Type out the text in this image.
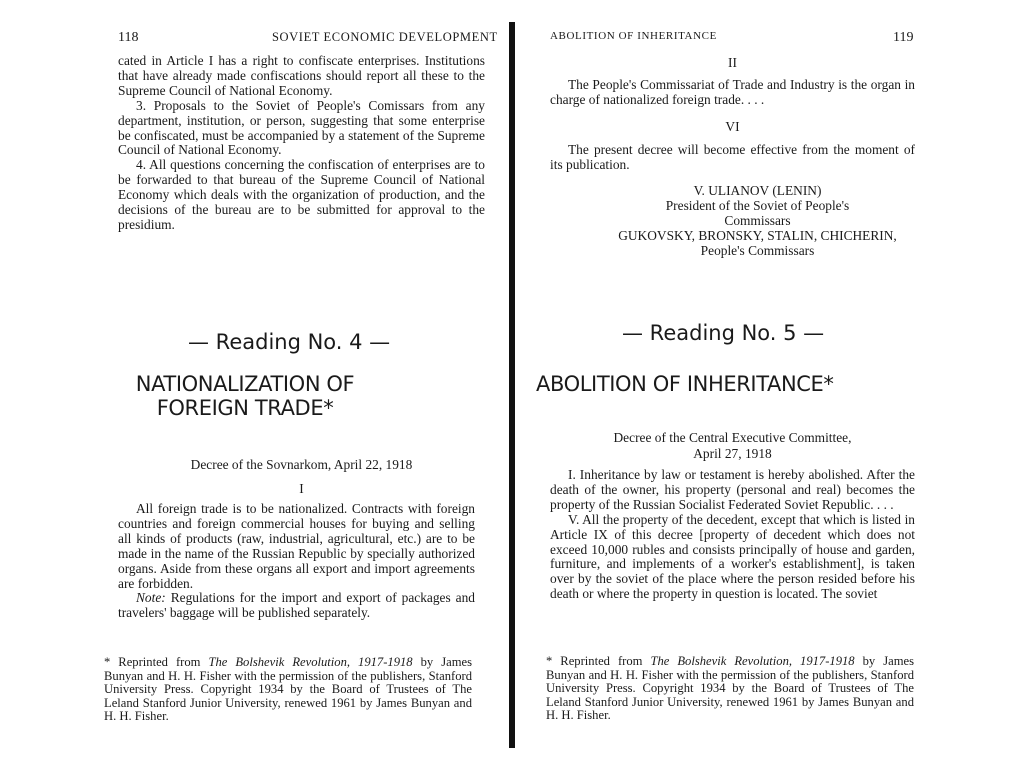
118	SOVIET ECONOMIC DEVELOPMENT

cated in Article I has a right to confiscate enterprises. Institutions that have already made confiscations should report all these to the Supreme Council of National Economy.

3. Proposals to the Soviet of People's Comissars from any department, institution, or person, suggesting that some enterprise be confiscated, must be accompanied by a statement of the Supreme Council of National Economy.

4. All questions concerning the confiscation of enterprises are to be forwarded to that bureau of the Supreme Council of National Economy which deals with the organization of production, and the decisions of the bureau are to be submitted for approval to the presidium.

— Reading No. 4 —
NATIONALIZATION OF
FOREIGN TRADE*
Decree of the Sovnarkom, April 22, 1918
I

All foreign trade is to be nationalized. Contracts with foreign countries and foreign commercial houses for buying and selling all kinds of products (raw, industrial, agricultural, etc.) are to be made in the name of the Russian Republic by specially authorized organs. Aside from these organs all export and import agreements are forbidden.

Note: Regulations for the import and export of packages and travelers' baggage will be published separately.

* Reprinted from The Bolshevik Revolution, 1917-1918 by James Bunyan and H. H. Fisher with the permission of the publishers, Stanford University Press. Copyright 1934 by the Board of Trustees of The Leland Stanford Junior University, renewed 1961 by James Bunyan and H. H. Fisher.

ABOLITION OF INHERITANCE	119
II

The People's Commissariat of Trade and Industry is the organ in charge of nationalized foreign trade. . . .

VI

The present decree will become effective from the moment of its publication.

V. ULIANOV (LENIN)

President of the Soviet of People's

Commissars

GUKOVSKY, BRONSKY, STALIN, CHICHERIN,

People's Commissars

— Reading No. 5 —
ABOLITION OF INHERITANCE*

Decree of the Central Executive Committee,

April 27, 1918

I. Inheritance by law or testament is hereby abolished. After the death of the owner, his property (personal and real) becomes the property of the Russian Socialist Federated Soviet Republic. . . .

V. All the property of the decedent, except that which is listed in Article IX of this decree [property of decedent which does not exceed 10,000 rubles and consists principally of house and garden, furniture, and implements of a worker's establishment], is taken over by the soviet of the place where the person resided before his death or where the property in question is located. The soviet

* Reprinted from The Bolshevik Revolution, 1917-1918 by James Bunyan and H. H. Fisher with the permission of the publishers, Stanford University Press. Copyright 1934 by the Board of Trustees of The Leland Stanford Junior University, renewed 1961 by James Bunyan and H. H. Fisher.
